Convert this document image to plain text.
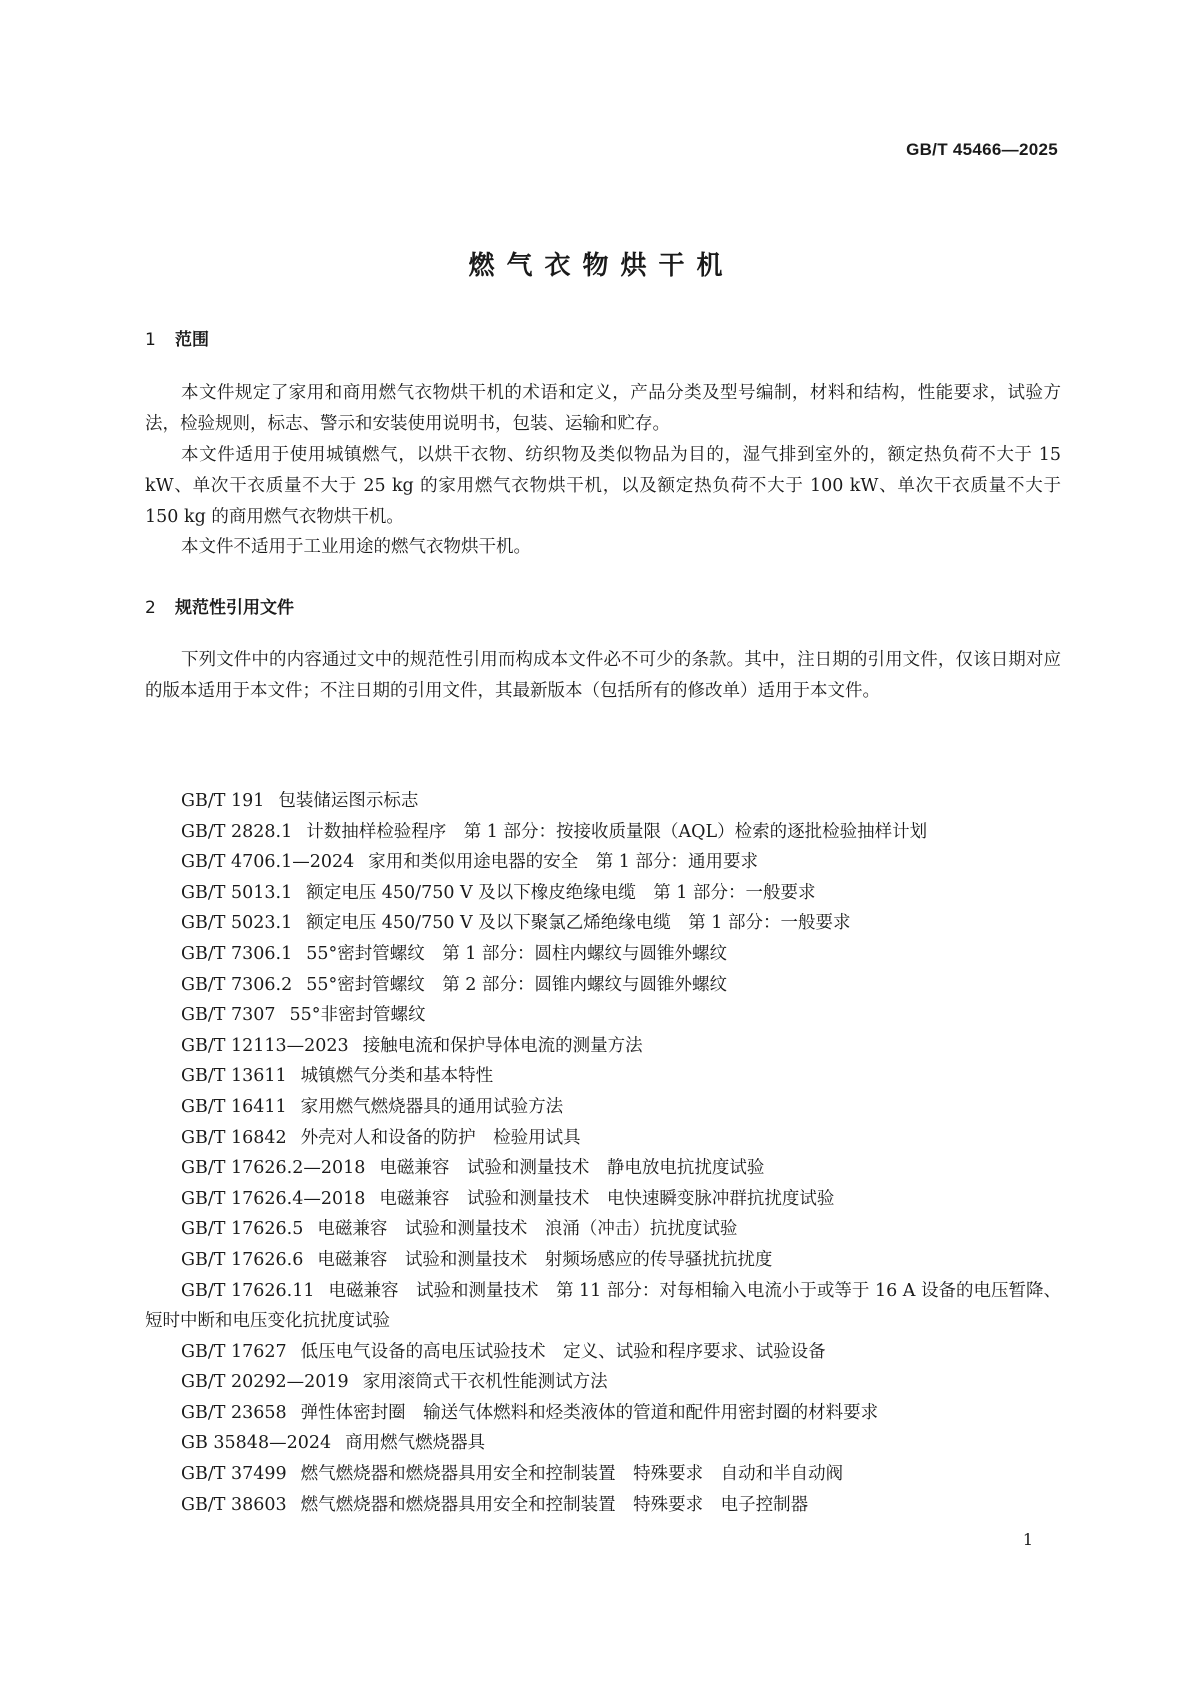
GB/T 45466—2025
燃气衣物烘干机
1 范围

本文件规定了家用和商用燃气衣物烘干机的术语和定义，产品分类及型号编制，材料和结构，性能要求，试验方法，检验规则，标志、警示和安装使用说明书，包装、运输和贮存。

本文件适用于使用城镇燃气，以烘干衣物、纺织物及类似物品为目的，湿气排到室外的，额定热负荷不大于 15 kW、单次干衣质量不大于 25 kg 的家用燃气衣物烘干机，以及额定热负荷不大于 100 kW、单次干衣质量不大于 150 kg 的商用燃气衣物烘干机。

本文件不适用于工业用途的燃气衣物烘干机。

2 规范性引用文件

下列文件中的内容通过文中的规范性引用而构成本文件必不可少的条款。其中，注日期的引用文件，仅该日期对应的版本适用于本文件；不注日期的引用文件，其最新版本（包括所有的修改单）适用于本文件。

GB/T 191 包装储运图示标志
GB/T 2828.1 计数抽样检验程序　第 1 部分：按接收质量限（AQL）检索的逐批检验抽样计划
GB/T 4706.1—2024 家用和类似用途电器的安全　第 1 部分：通用要求
GB/T 5013.1 额定电压 450/750 V 及以下橡皮绝缘电缆　第 1 部分：一般要求
GB/T 5023.1 额定电压 450/750 V 及以下聚氯乙烯绝缘电缆　第 1 部分：一般要求
GB/T 7306.1 55°密封管螺纹　第 1 部分：圆柱内螺纹与圆锥外螺纹
GB/T 7306.2 55°密封管螺纹　第 2 部分：圆锥内螺纹与圆锥外螺纹
GB/T 7307 55°非密封管螺纹
GB/T 12113—2023 接触电流和保护导体电流的测量方法
GB/T 13611 城镇燃气分类和基本特性
GB/T 16411 家用燃气燃烧器具的通用试验方法
GB/T 16842 外壳对人和设备的防护　检验用试具
GB/T 17626.2—2018 电磁兼容　试验和测量技术　静电放电抗扰度试验
GB/T 17626.4—2018 电磁兼容　试验和测量技术　电快速瞬变脉冲群抗扰度试验
GB/T 17626.5 电磁兼容　试验和测量技术　浪涌（冲击）抗扰度试验
GB/T 17626.6 电磁兼容　试验和测量技术　射频场感应的传导骚扰抗扰度
GB/T 17626.11 电磁兼容　试验和测量技术　第 11 部分：对每相输入电流小于或等于 16 A 设备的电压暂降、短时中断和电压变化抗扰度试验
GB/T 17627 低压电气设备的高电压试验技术　定义、试验和程序要求、试验设备
GB/T 20292—2019 家用滚筒式干衣机性能测试方法
GB/T 23658 弹性体密封圈　输送气体燃料和烃类液体的管道和配件用密封圈的材料要求
GB 35848—2024 商用燃气燃烧器具
GB/T 37499 燃气燃烧器和燃烧器具用安全和控制装置　特殊要求　自动和半自动阀
GB/T 38603 燃气燃烧器和燃烧器具用安全和控制装置　特殊要求　电子控制器
1
